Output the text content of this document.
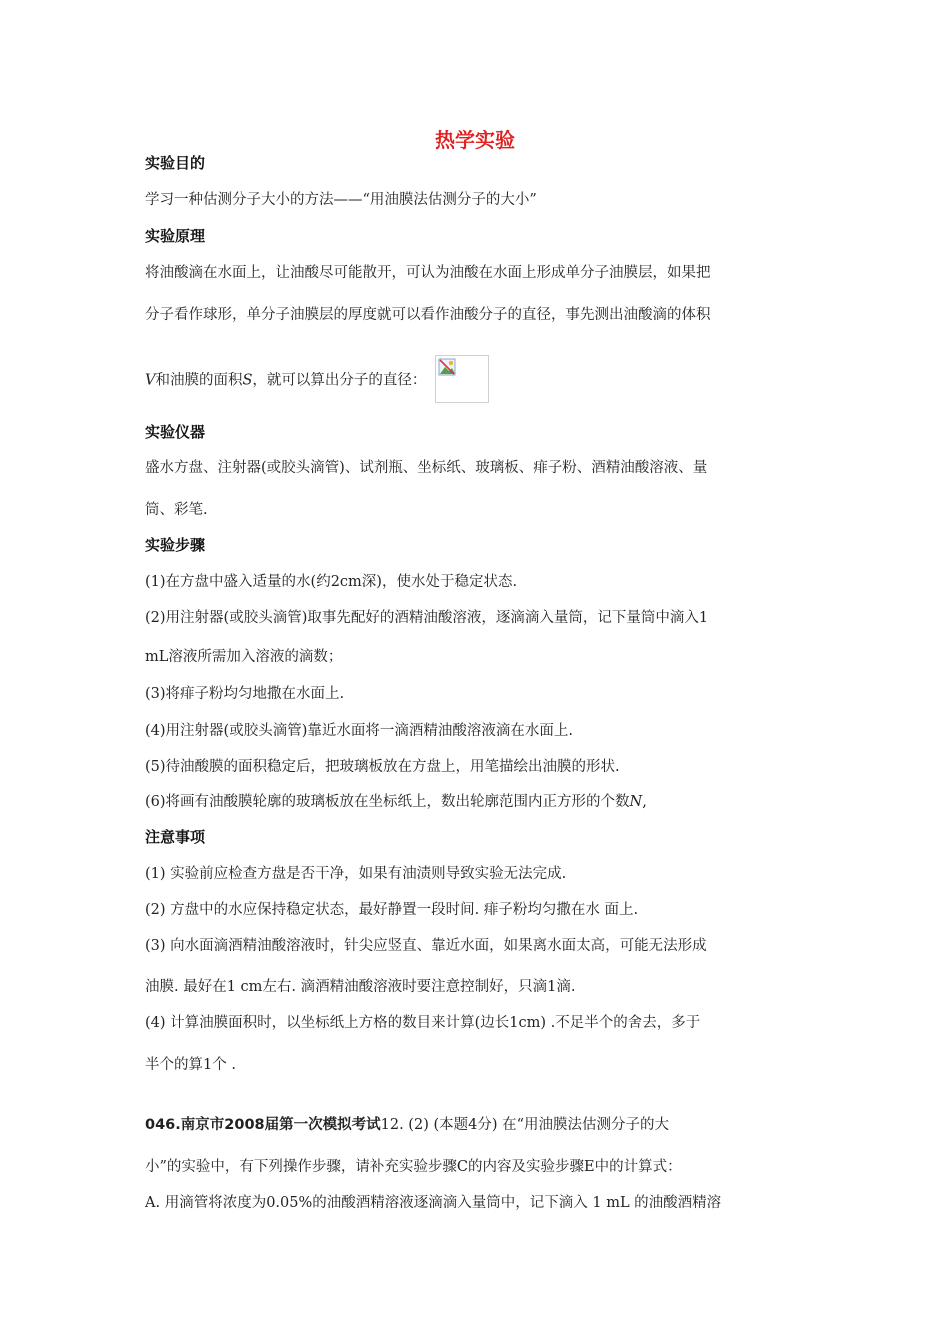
热学实验
实验目的
学习一种估测分子大小的方法——“用油膜法估测分子的大小”
实验原理
将油酸滴在水面上，让油酸尽可能散开，可认为油酸在水面上形成单分子油膜层，如果把
分子看作球形，单分子油膜层的厚度就可以看作油酸分子的直径，事先测出油酸滴的体积
V和油膜的面积S，就可以算出分子的直径：
实验仪器
盛水方盘、注射器(或胶头滴管)、试剂瓶、坐标纸、玻璃板、痱子粉、酒精油酸溶液、量
筒、彩笔.
实验步骤
(1)在方盘中盛入适量的水(约2cm深)，使水处于稳定状态.
(2)用注射器(或胶头滴管)取事先配好的酒精油酸溶液，逐滴滴入量筒，记下量筒中滴入1
mL溶液所需加入溶液的滴数；
(3)将痱子粉均匀地撒在水面上.
(4)用注射器(或胶头滴管)靠近水面将一滴酒精油酸溶液滴在水面上.
(5)待油酸膜的面积稳定后，把玻璃板放在方盘上，用笔描绘出油膜的形状.
(6)将画有油酸膜轮廓的玻璃板放在坐标纸上，数出轮廓范围内正方形的个数N,
注意事项
(1) 实验前应检查方盘是否干净，如果有油渍则导致实验无法完成.
(2) 方盘中的水应保持稳定状态，最好静置一段时间. 痱子粉均匀撒在水 面上.
(3) 向水面滴酒精油酸溶液时，针尖应竖直、靠近水面，如果离水面太高，可能无法形成
油膜. 最好在1 cm左右. 滴酒精油酸溶液时要注意控制好，只滴1滴.
(4) 计算油膜面积时，以坐标纸上方格的数目来计算(边长1cm) .不足半个的舍去，多于
半个的算1个 .
046.南京市2008届第一次模拟考试12. (2) (本题4分) 在“用油膜法估测分子的大
小”的实验中，有下列操作步骤，请补充实验步骤C的内容及实验步骤E中的计算式：
A. 用滴管将浓度为0.05%的油酸酒精溶液逐滴滴入量筒中，记下滴入 1 mL 的油酸酒精溶
